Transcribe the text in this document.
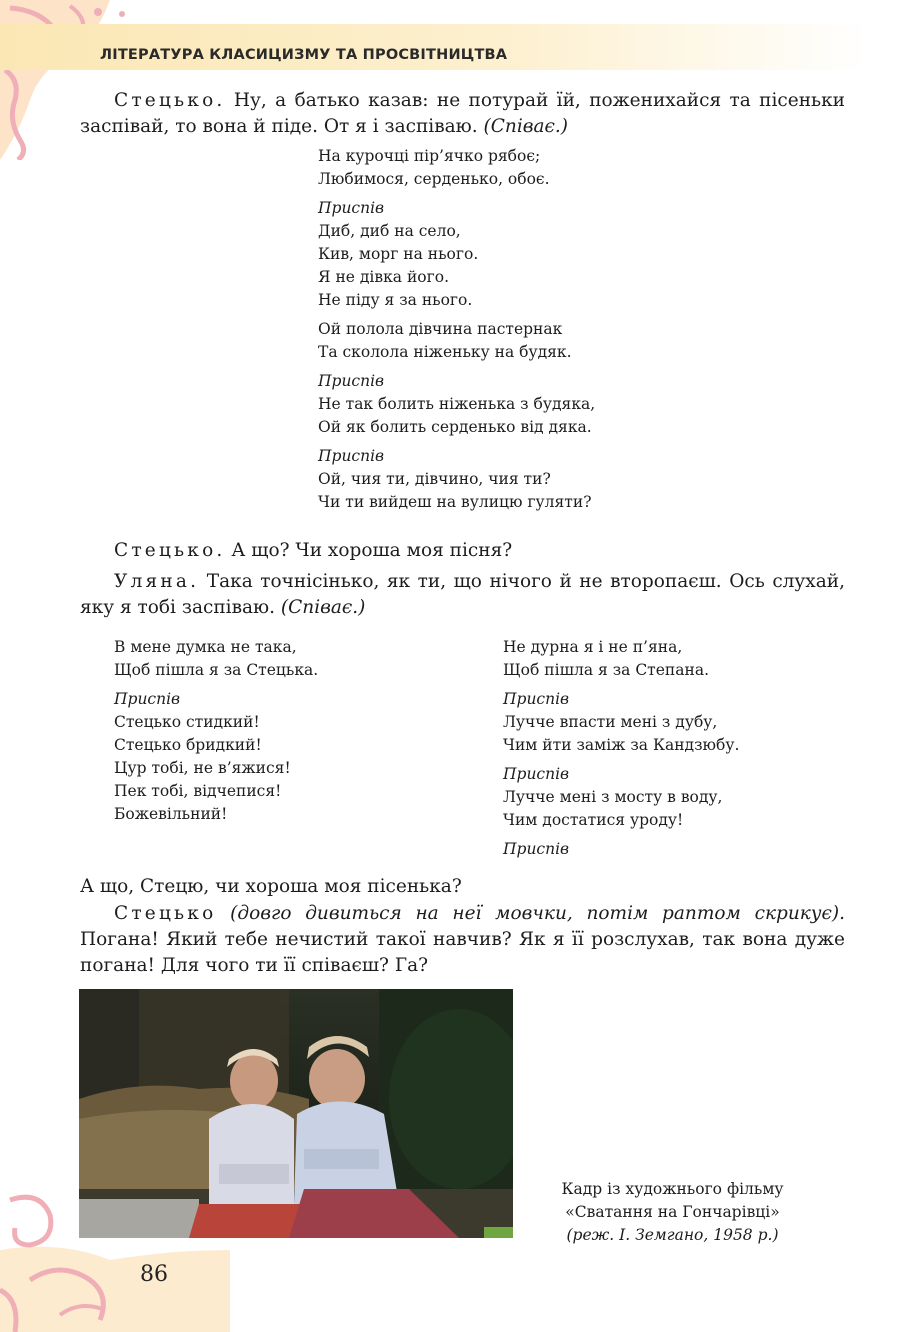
ЛІТЕРАТУРА КЛАСИЦИЗМУ ТА ПРОСВІТНИЦТВА
Стецько. Ну, а батько казав: не потурай їй, поженихайся та пісеньки заспівай, то вона й піде. От я і заспіваю. (Співає.)
На курочці пір’ячко рябоє;
Любимося, серденько, обоє.
Приспів
Диб, диб на село,
Кив, морг на нього.
Я не дівка його.
Не піду я за нього.
Ой полола дівчина пастернак
Та сколола ніженьку на будяк.
Приспів
Не так болить ніженька з будяка,
Ой як болить серденько від дяка.
Приспів
Ой, чия ти, дівчино, чия ти?
Чи ти вийдеш на вулицю гуляти?
Стецько. А що? Чи хороша моя пісня?
Уляна. Така точнісінько, як ти, що нічого й не второпаєш. Ось слухай, яку я тобі заспіваю. (Співає.)
В мене думка не така,
Щоб пішла я за Стецька.
Приспів
Стецько стидкий!
Стецько бридкий!
Цур тобі, не в’яжися!
Пек тобі, відчепися!
Божевільний!
Не дурна я і не п’яна,
Щоб пішла я за Степана.
Приспів
Лучче впасти мені з дубу,
Чим йти заміж за Кандзюбу.
Приспів
Лучче мені з мосту в воду,
Чим достатися уроду!
Приспів
А що, Стецю, чи хороша моя пісенька?
Стецько (довго дивиться на неї мовчки, потім раптом скрикує). Погана! Який тебе нечистий такої навчив? Як я її розслухав, так вона дуже погана! Для чого ти її співаєш? Га?
Кадр із художнього фільму
«Сватання на Гончарівці»
(реж. І. Земгано, 1958 р.)
86
